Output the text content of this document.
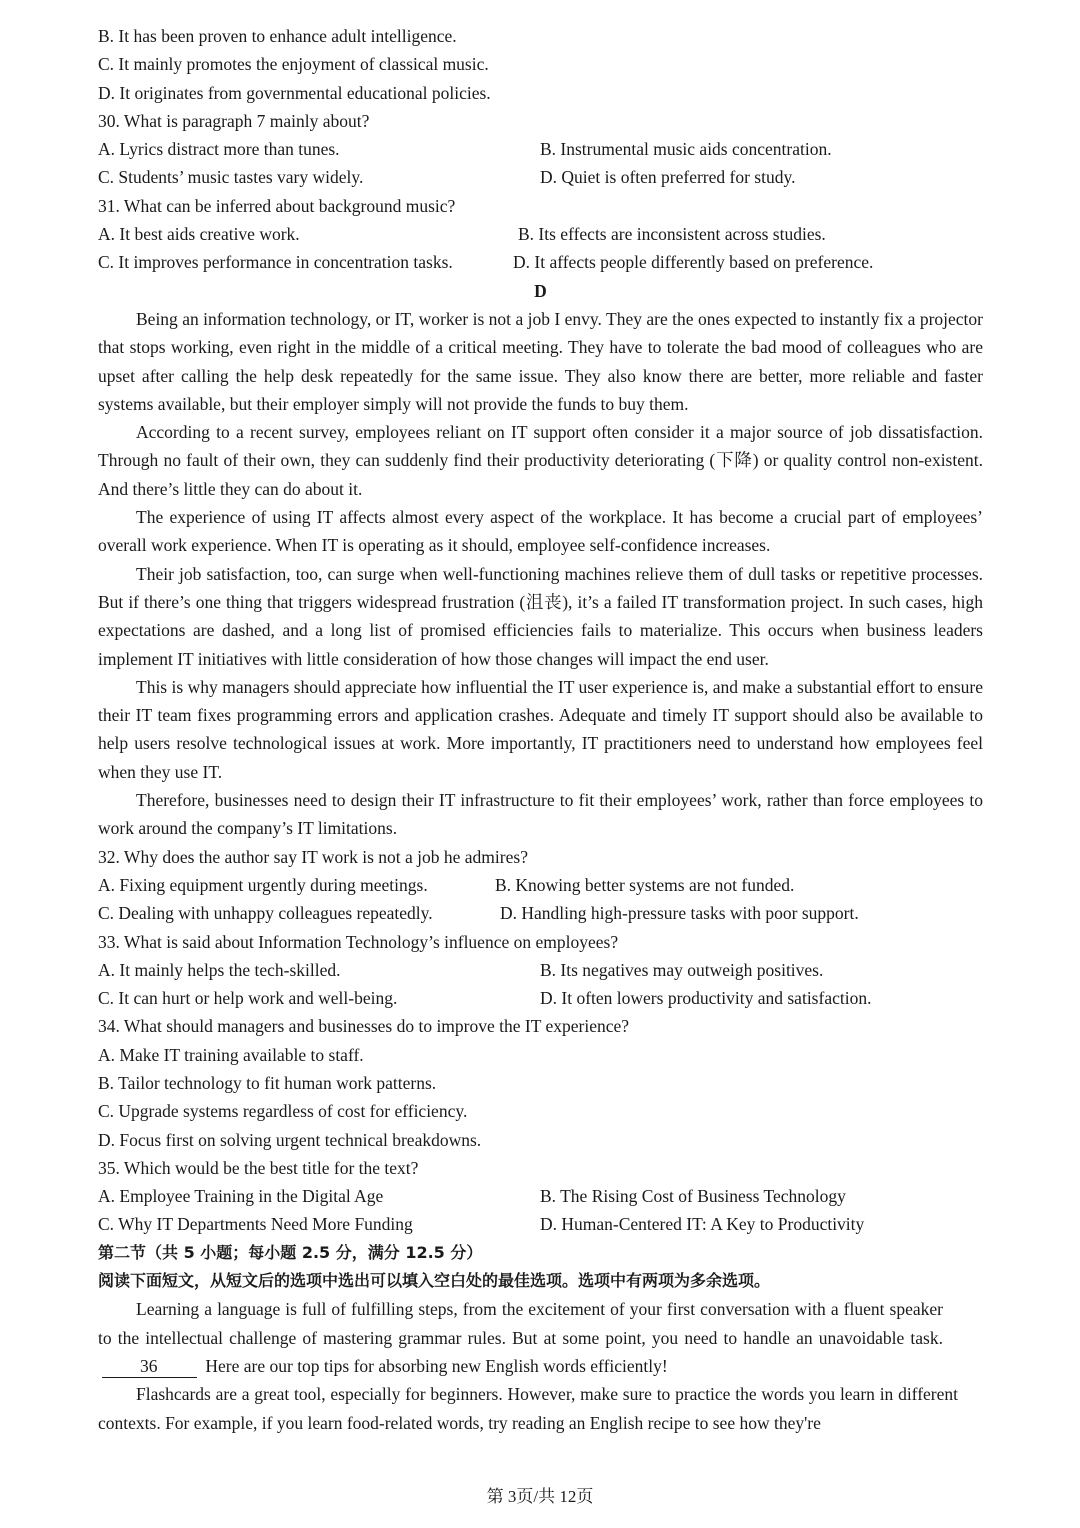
B. It has been proven to enhance adult intelligence.
C. It mainly promotes the enjoyment of classical music.
D. It originates from governmental educational policies.
30. What is paragraph 7 mainly about?
A. Lyrics distract more than tunes.	B. Instrumental music aids concentration.
C. Students’ music tastes vary widely.	D. Quiet is often preferred for study.
31. What can be inferred about background music?
A. It best aids creative work.	B. Its effects are inconsistent across studies.
C. It improves performance in concentration tasks.	D. It affects people differently based on preference.
D
Being an information technology, or IT, worker is not a job I envy. They are the ones expected to instantly fix a projector that stops working, even right in the middle of a critical meeting. They have to tolerate the bad mood of colleagues who are upset after calling the help desk repeatedly for the same issue. They also know there are better, more reliable and faster systems available, but their employer simply will not provide the funds to buy them.
According to a recent survey, employees reliant on IT support often consider it a major source of job dissatisfaction. Through no fault of their own, they can suddenly find their productivity deteriorating (下降) or quality control non-existent. And there’s little they can do about it.
The experience of using IT affects almost every aspect of the workplace. It has become a crucial part of employees’ overall work experience. When IT is operating as it should, employee self-confidence increases.
Their job satisfaction, too, can surge when well-functioning machines relieve them of dull tasks or repetitive processes. But if there’s one thing that triggers widespread frustration (沮丧), it’s a failed IT transformation project. In such cases, high expectations are dashed, and a long list of promised efficiencies fails to materialize. This occurs when business leaders implement IT initiatives with little consideration of how those changes will impact the end user.
This is why managers should appreciate how influential the IT user experience is, and make a substantial effort to ensure their IT team fixes programming errors and application crashes. Adequate and timely IT support should also be available to help users resolve technological issues at work. More importantly, IT practitioners need to understand how employees feel when they use IT.
Therefore, businesses need to design their IT infrastructure to fit their employees’ work, rather than force employees to work around the company’s IT limitations.
32. Why does the author say IT work is not a job he admires?
A. Fixing equipment urgently during meetings.	B. Knowing better systems are not funded.
C. Dealing with unhappy colleagues repeatedly.	D. Handling high-pressure tasks with poor support.
33. What is said about Information Technology’s influence on employees?
A. It mainly helps the tech-skilled.	B. Its negatives may outweigh positives.
C. It can hurt or help work and well-being.	D. It often lowers productivity and satisfaction.
34. What should managers and businesses do to improve the IT experience?
A. Make IT training available to staff.
B. Tailor technology to fit human work patterns.
C. Upgrade systems regardless of cost for efficiency.
D. Focus first on solving urgent technical breakdowns.
35. Which would be the best title for the text?
A. Employee Training in the Digital Age	B. The Rising Cost of Business Technology
C. Why IT Departments Need More Funding	D. Human-Centered IT: A Key to Productivity
第二节（共 5 小题；每小题 2.5 分，满分 12.5 分）
阅读下面短文，从短文后的选项中选出可以填入空白处的最佳选项。选项中有两项为多余选项。
Learning a language is full of fulfilling steps, from the excitement of your first conversation with a fluent speaker to the intellectual challenge of mastering grammar rules. But at some point, you need to handle an unavoidable task. 36	Here are our top tips for absorbing new English words efficiently!
Flashcards are a great tool, especially for beginners. However, make sure to practice the words you learn in different contexts. For example, if you learn food-related words, try reading an English recipe to see how they're
第 3页/共 12页
